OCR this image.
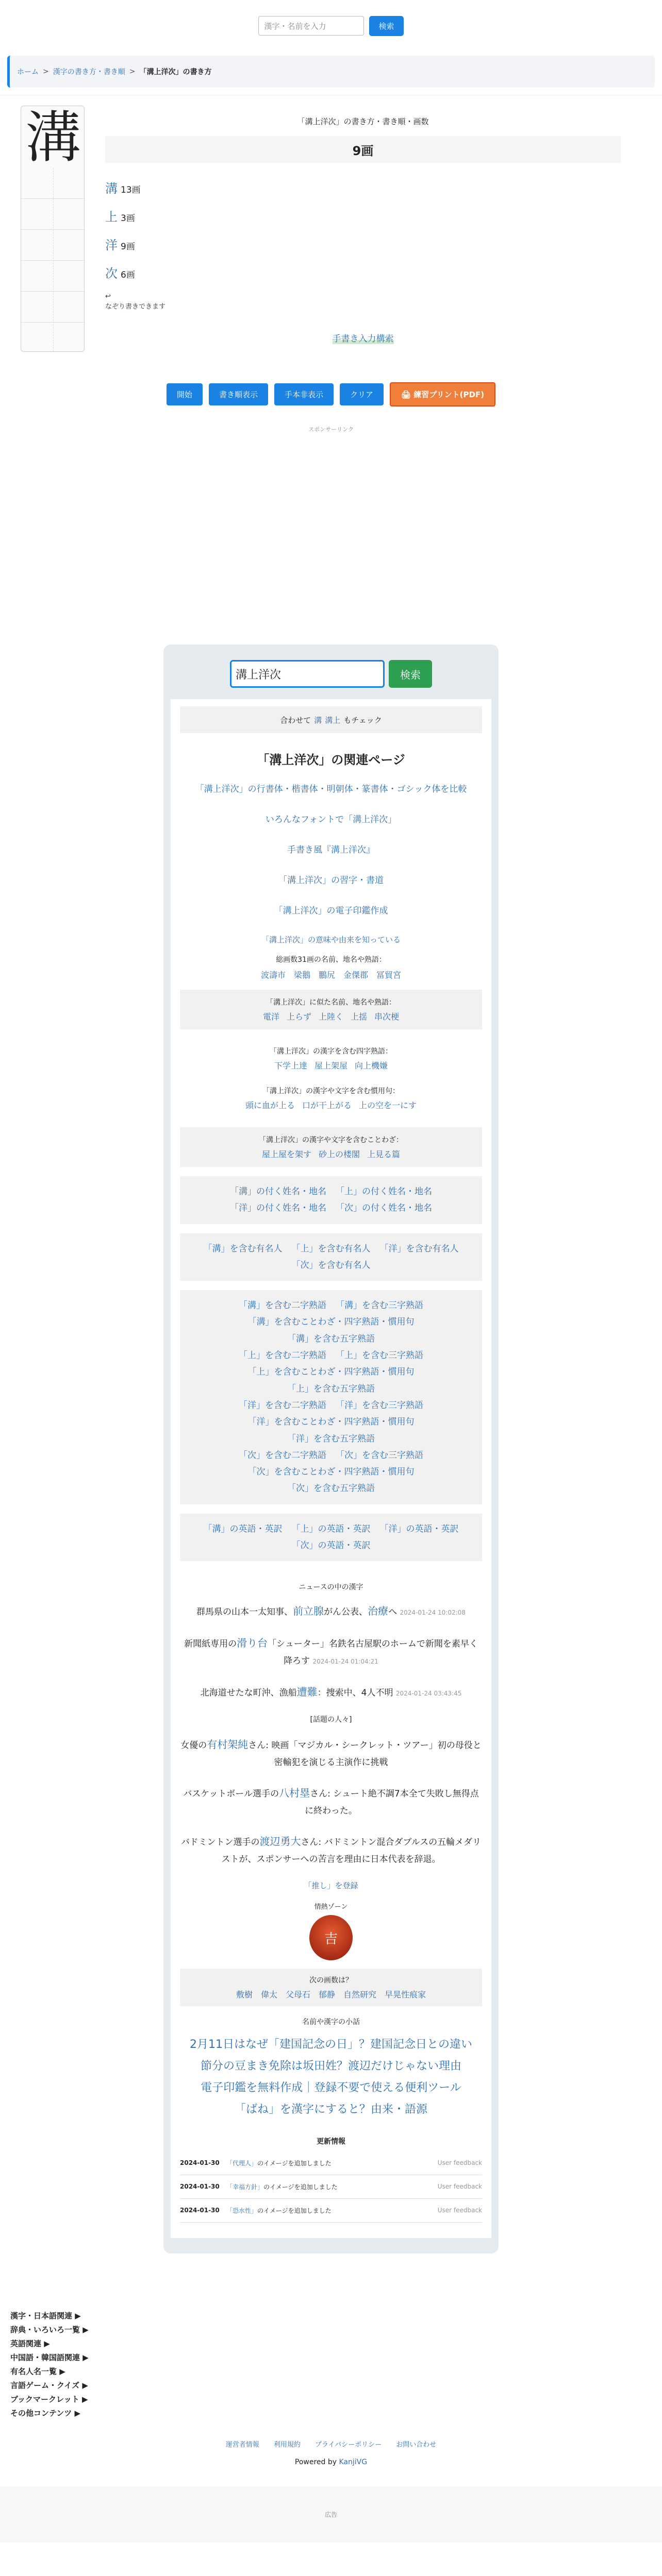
漢字・名前を入力	検索
ホーム > 漢字の書き方・書き順 > 「溝上洋次」の書き方
溝	「溝上洋次」の書き方・書き順・画数
9画
溝 13画
上 3画
洋 9画
次 6画
↩
なぞり書きできます
手書き入力構索
開始	書き順表示	手本非表示	クリア	🖨 練習プリント(PDF)
スポンサーリンク
溝上洋次	検索
合わせて 溝 溝上 もチェック
「溝上洋次」の関連ページ
「溝上洋次」の行書体・楷書体・明朝体・篆書体・ゴシック体を比較
いろんなフォントで「溝上洋次」
手書き風『溝上洋次』
「溝上洋次」の習字・書道
「溝上洋次」の電子印鑑作成
「溝上洋次」の意味や由来を知っている
総画数31画の名前、地名や熟語：
波濤市 梁鵝 鵬尻 金傑郡 冨貿宮
「溝上洋次」に似た名前、地名や熟語：
電洋 上らず 上陸く 上揺 串次梗
「溝上洋次」の漢字を含む四字熟語：
下学上達 屋上架屋 向上機嫌
「溝上洋次」の漢字や文字を含む慣用句：
頭に血が上る 口が干上がる 上の空を一にす
「溝上洋次」の漢字や文字を含むことわざ：
屋上屋を架す 砂上の楼閣 上見る篇
「溝」の付く姓名・地名 「上」の付く姓名・地名
「洋」の付く姓名・地名 「次」の付く姓名・地名
「溝」を含む有名人 「上」を含む有名人 「洋」を含む有名人
「次」を含む有名人
「溝」を含む二字熟語 「溝」を含む三字熟語
「溝」を含むことわざ・四字熟語・慣用句
「溝」を含む五字熟語
「上」を含む二字熟語 「上」を含む三字熟語
「上」を含むことわざ・四字熟語・慣用句
「上」を含む五字熟語
「洋」を含む二字熟語 「洋」を含む三字熟語
「洋」を含むことわざ・四字熟語・慣用句
「洋」を含む五字熟語
「次」を含む二字熟語 「次」を含む三字熟語
「次」を含むことわざ・四字熟語・慣用句
「次」を含む五字熟語
「溝」の英語・英訳 「上」の英語・英訳 「洋」の英語・英訳
「次」の英語・英訳
ニュースの中の漢字

群馬県の山本一太知事、前立腺がん公表、治療へ 2024-01-24 10:02:08

新聞紙専用の滑り台「シューター」名鉄名古屋駅のホームで新聞を素早く降ろす 2024-01-24 01:04:21

北海道せたな町沖、漁船遭難：捜索中、4人不明 2024-01-24 03:43:45

[話題の人々]

女優の有村架純さん: 映画「マジカル・シークレット・ツアー」初の母役と密輸犯を演じる主演作に挑戦

バスケットボール選手の八村塁さん: シュート絶不調7本全て失敗し無得点に終わった。

バドミントン選手の渡辺勇大さん: バドミントン混合ダブルスの五輪メダリストが、スポンサーへの苦言を理由に日本代表を辞退。

「推し」を登録
情熱ゾーン
吉
次の画数は？
敷樹 偉太 父母石 郁静 自然研究 早晃性痕家
名前や漢字の小話
2月11日はなぜ「建国記念の日」？建国記念日との違い
節分の豆まき免除は坂田姓？渡辺だけじゃない理由
電子印鑑を無料作成｜登録不要で使える便利ツール
「ばね」を漢字にすると？由来・語源
更新情報
2024-01-30	「代理人」のイメージを追加しました	User feedback
2024-01-30	「幸福方針」のイメージを追加しました	User feedback
2024-01-30	「恐水性」のイメージを追加しました	User feedback
漢字・日本語関連 ▶
辞典・いろいろ一覧 ▶
英語関連 ▶
中国語・韓国語関連 ▶
有名人名一覧 ▶
言語ゲーム・クイズ ▶
ブックマークレット ▶
その他コンテンツ ▶
運営者情報 利用規約 プライバシーポリシー お問い合わせ
Powered by KanjiVG
広告
